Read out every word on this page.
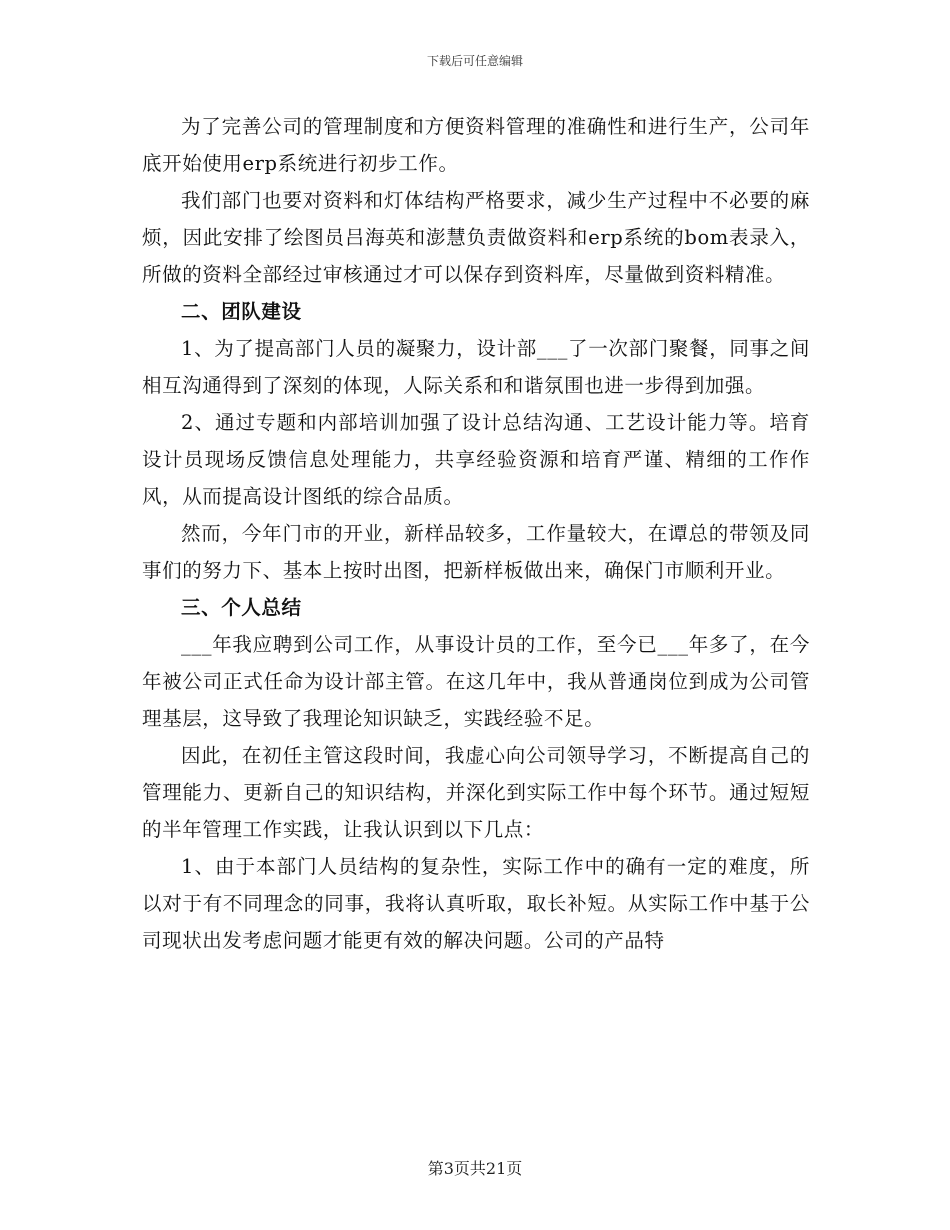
下载后可任意编辑

为了完善公司的管理制度和方便资料管理的准确性和进行生产，公司年底开始使用erp系统进行初步工作。

我们部门也要对资料和灯体结构严格要求，减少生产过程中不必要的麻烦，因此安排了绘图员吕海英和澎慧负责做资料和erp系统的bom表录入，所做的资料全部经过审核通过才可以保存到资料库，尽量做到资料精准。

二、团队建设

1、为了提高部门人员的凝聚力，设计部___了一次部门聚餐，同事之间相互沟通得到了深刻的体现，人际关系和和谐氛围也进一步得到加强。

2、通过专题和内部培训加强了设计总结沟通、工艺设计能力等。培育设计员现场反馈信息处理能力，共享经验资源和培育严谨、精细的工作作风，从而提高设计图纸的综合品质。

然而，今年门市的开业，新样品较多，工作量较大，在谭总的带领及同事们的努力下、基本上按时出图，把新样板做出来，确保门市顺利开业。

三、个人总结

___年我应聘到公司工作，从事设计员的工作，至今已___年多了，在今年被公司正式任命为设计部主管。在这几年中，我从普通岗位到成为公司管理基层，这导致了我理论知识缺乏，实践经验不足。

因此，在初任主管这段时间，我虚心向公司领导学习，不断提高自己的管理能力、更新自己的知识结构，并深化到实际工作中每个环节。通过短短的半年管理工作实践，让我认识到以下几点：

1、由于本部门人员结构的复杂性，实际工作中的确有一定的难度，所以对于有不同理念的同事，我将认真听取，取长补短。从实际工作中基于公司现状出发考虑问题才能更有效的解决问题。公司的产品特

第3页共21页
